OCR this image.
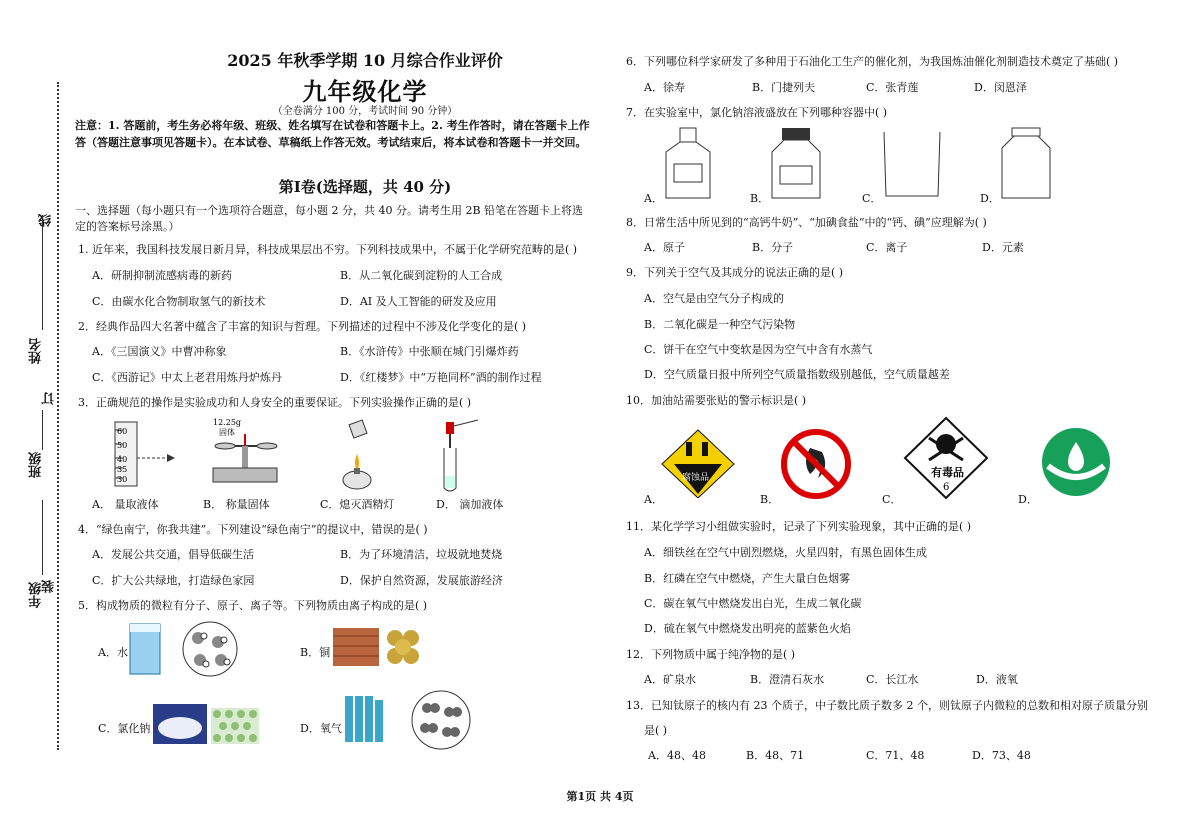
线
订
装
姓名
班级
年级
2025 年秋季学期 10 月综合作业评价
九年级化学
（全卷满分 100 分，考试时间 90 分钟）
注意：1. 答题前，考生务必将年级、班级、姓名填写在试卷和答题卡上。2. 考生作答时，请在答题卡上作答（答题注意事项见答题卡）。在本试卷、草稿纸上作答无效。考试结束后，将本试卷和答题卡一并交回。
第Ⅰ卷(选择题，共 40 分)
一、选择题（每小题只有一个选项符合题意，每小题 2 分，共 40 分。请考生用 2B 铅笔在答题卡上将选定的答案标号涂黑。）
1. 近年来，我国科技发展日新月异，科技成果层出不穷。下列科技成果中，不属于化学研究范畴的是( )
A．研制抑制流感病毒的新药	B．从二氧化碳到淀粉的人工合成
C．由碳水化合物制取氢气的新技术	D．AI 及人工智能的研发及应用
2．经典作品四大名著中蕴含了丰富的知识与哲理。下列描述的过程中不涉及化学变化的是( )
A．《三国演义》中曹冲称象	B．《水浒传》中张顺在城门引爆炸药
C．《西游记》中太上老君用炼丹炉炼丹	D．《红楼梦》中“万艳同杯”酒的制作过程
3．正确规范的操作是实验成功和人身安全的重要保证。下列实验操作正确的是( )
60
50
40
35
30
12.25g
固体
A． 量取液体	B． 称量固体	C．熄灭酒精灯	D． 滴加液体
4．“绿色南宁，你我共建”。下列建设“绿色南宁”的提议中，错误的是( )
A．发展公共交通，倡导低碳生活	B．为了环境清洁，垃圾就地焚烧
C．扩大公共绿地，打造绿色家园	D．保护自然资源，发展旅游经济
5．构成物质的微粒有分子、原子、离子等。下列物质由离子构成的是( )
A．水	B．铜
C．氯化钠	D．氧气
6．下列哪位科学家研发了多种用于石油化工生产的催化剂，为我国炼油催化剂制造技术奠定了基础( )
A．徐寿	B．门捷列夫	C．张青莲	D．闵恩泽
7．在实验室中，氯化钠溶液盛放在下列哪种容器中( )
A．	B．	C．	D．
8．日常生活中所见到的“高钙牛奶”、“加碘食盐”中的“钙、碘”应理解为( )
A．原子	B．分子	C．离子	D．元素
9．下列关于空气及其成分的说法正确的是( )
A．空气是由空气分子构成的
B．二氧化碳是一种空气污染物
C．饼干在空气中变软是因为空气中含有水蒸气
D．空气质量日报中所列空气质量指数级别越低，空气质量越差
10．加油站需要张贴的警示标识是( )
A．
腐蚀品
B．	C．
有毒品
6
D．
11．某化学学习小组做实验时，记录了下列实验现象，其中正确的是( )
A．细铁丝在空气中剧烈燃烧，火星四射，有黑色固体生成
B．红磷在空气中燃烧，产生大量白色烟雾
C．碳在氧气中燃烧发出白光，生成二氧化碳
D．硫在氧气中燃烧发出明亮的蓝紫色火焰
12．下列物质中属于纯净物的是( )
A．矿泉水	B．澄清石灰水	C．长江水	D．液氧
13．已知钛原子的核内有 23 个质子，中子数比质子数多 2 个，则钛原子内微粒的总数和相对原子质量分别
是( )
A．48、48	B．48、71	C．71、48	D．73、48
第1页 共 4页
